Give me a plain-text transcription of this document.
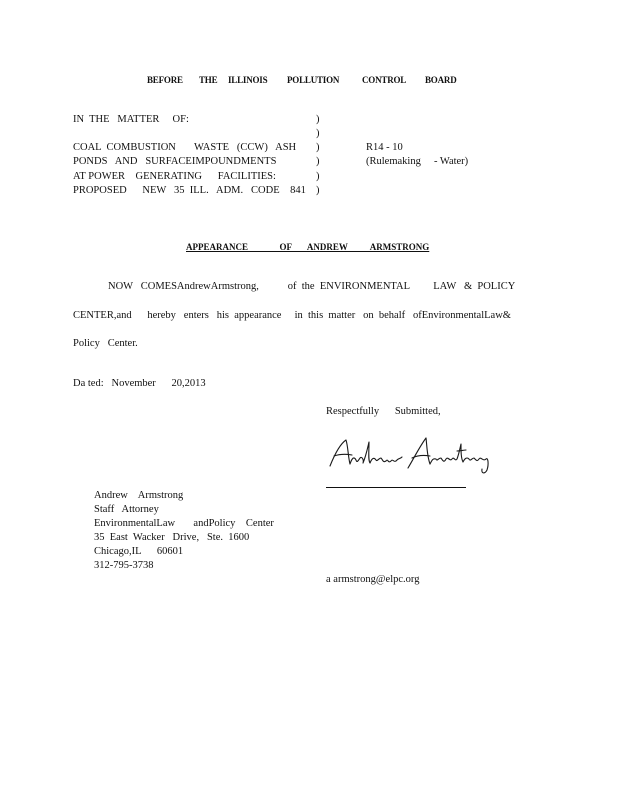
BEFORE THE ILLINOIS POLLUTION	CONTROL BOARD
IN  THE   MATTER     OF:
COAL  COMBUSTION       WASTE   (CCW)   ASH
PONDS   AND   SURFACEIMPOUNDMENTS
AT POWER    GENERATING      FACILITIES:
PROPOSED      NEW   35  ILL.   ADM.   CODE    841
)
)
)
)
)
)
R14 - 10
(Rulemaking     - Water)
APPEARANCE              OF       ANDREW          ARMSTRONG
NOW   COMESAndrewArmstrong,           of  the  ENVIRONMENTAL         LAW   &  POLICY
CENTER,and      hereby   enters   his  appearance     in  this  matter   on  behalf   ofEnvironmentalLaw&
Policy   Center.
Da ted:   November      20,2013
Respectfully      Submitted,
Andrew    Armstrong
Staff   Attorney
EnvironmentalLaw       andPolicy    Center
35  East  Wacker   Drive,   Ste.  1600
Chicago,IL      60601
312-795-3738
a armstrong@elpc.org
